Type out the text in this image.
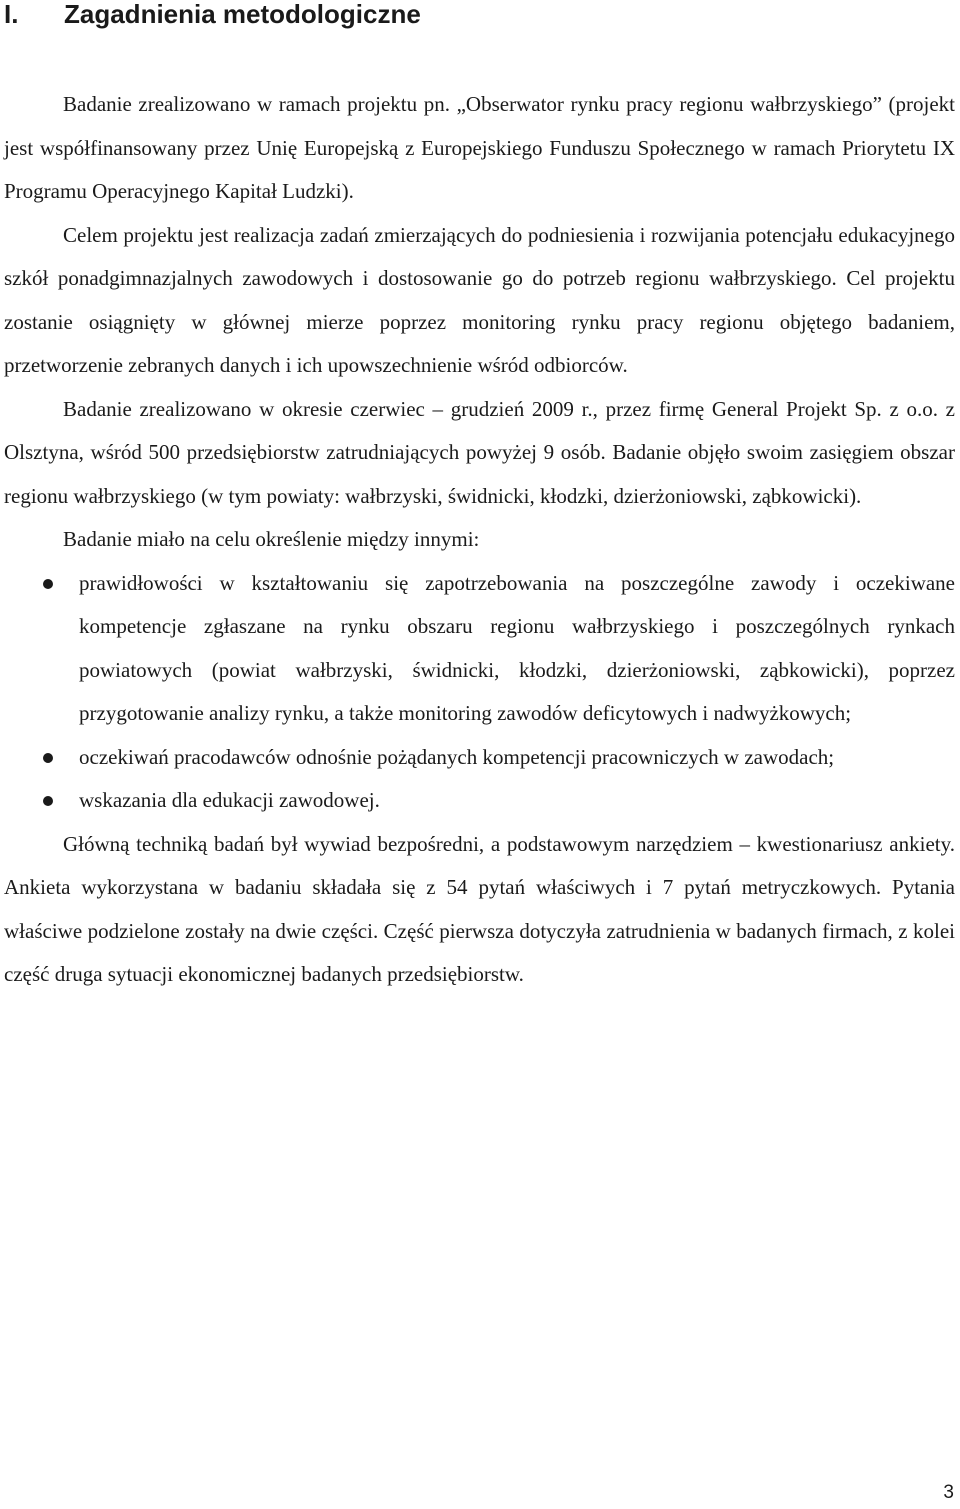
I. Zagadnienia metodologiczne

Badanie zrealizowano w ramach projektu pn. „Obserwator rynku pracy regionu wałbrzyskiego” (projekt jest współfinansowany przez Unię Europejską z Europejskiego Funduszu Społecznego w ramach Priorytetu IX Programu Operacyjnego Kapitał Ludzki).

Celem projektu jest realizacja zadań zmierzających do podniesienia i rozwijania potencjału edukacyjnego szkół ponadgimnazjalnych zawodowych i dostosowanie go do potrzeb regionu wałbrzyskiego. Cel projektu zostanie osiągnięty w głównej mierze poprzez monitoring rynku pracy regionu objętego badaniem, przetworzenie zebranych danych i ich upowszechnienie wśród odbiorców.

Badanie zrealizowano w okresie czerwiec – grudzień 2009 r., przez firmę General Projekt Sp. z o.o. z Olsztyna, wśród 500 przedsiębiorstw zatrudniających powyżej 9 osób. Badanie objęło swoim zasięgiem obszar regionu wałbrzyskiego (w tym powiaty: wałbrzyski, świdnicki, kłodzki, dzierżoniowski, ząbkowicki).

Badanie miało na celu określenie między innymi:

prawidłowości w kształtowaniu się zapotrzebowania na poszczególne zawody i oczekiwane kompetencje zgłaszane na rynku obszaru regionu wałbrzyskiego i poszczególnych rynkach powiatowych (powiat wałbrzyski, świdnicki, kłodzki, dzierżoniowski, ząbkowicki), poprzez przygotowanie analizy rynku, a także monitoring zawodów deficytowych i nadwyżkowych;
oczekiwań pracodawców odnośnie pożądanych kompetencji pracowniczych w zawodach;
wskazania dla edukacji zawodowej.

Główną techniką badań był wywiad bezpośredni, a podstawowym narzędziem – kwestionariusz ankiety. Ankieta wykorzystana w badaniu składała się z 54 pytań właściwych i 7 pytań metryczkowych. Pytania właściwe podzielone zostały na dwie części. Część pierwsza dotyczyła zatrudnienia w badanych firmach, z kolei część druga sytuacji ekonomicznej badanych przedsiębiorstw.

3
